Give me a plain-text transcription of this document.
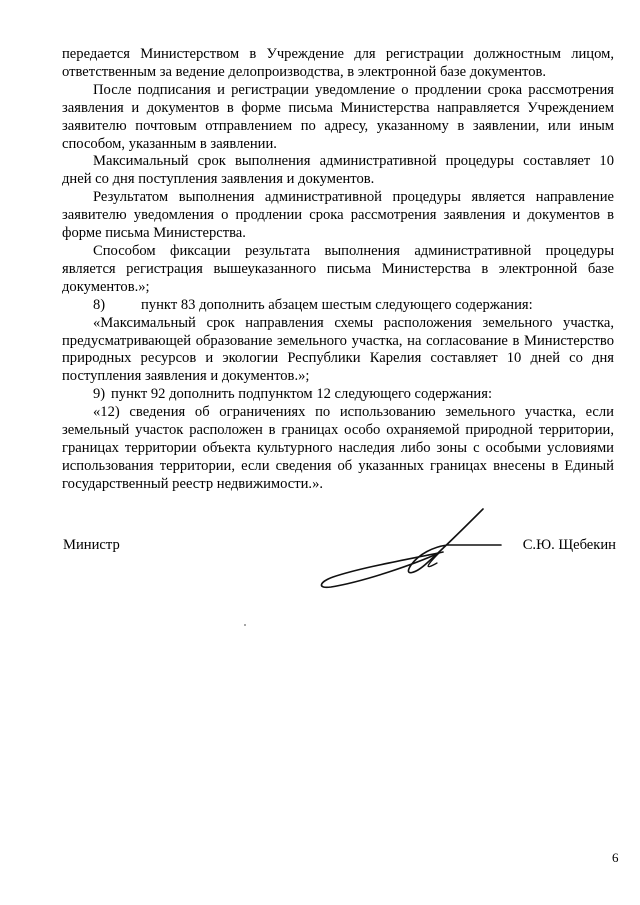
передается Министерством в Учреждение для регистрации должностным лицом, ответственным за ведение делопроизводства, в электронной базе документов.

После подписания и регистрации уведомление о продлении срока рассмотрения заявления и документов в форме письма Министерства направляется Учреждением заявителю почтовым отправлением по адресу, указанному в заявлении, или иным способом, указанным в заявлении.

Максимальный срок выполнения административной процедуры составляет 10 дней со дня поступления заявления и документов.

Результатом выполнения административной процедуры является направление заявителю уведомления о продлении срока рассмотрения заявления и документов в форме письма Министерства.

Способом фиксации результата выполнения административной процедуры является регистрация вышеуказанного письма Министерства в электронной базе документов.»;

8) пункт 83 дополнить абзацем шестым следующего содержания:

«Максимальный срок направления схемы расположения земельного участка, предусматривающей образование земельного участка, на согласование в Министерство природных ресурсов и экологии Республики Карелия составляет 10 дней со дня поступления заявления и документов.»;

9) пункт 92 дополнить подпунктом 12 следующего содержания:

«12) сведения об ограничениях по использованию земельного участка, если земельный участок расположен в границах особо охраняемой природной территории, границах территории объекта культурного наследия либо зоны с особыми условиями использования территории, если сведения об указанных границах внесены в Единый государственный реестр недвижимости.».

Министр	С.Ю. Щебекин
6
